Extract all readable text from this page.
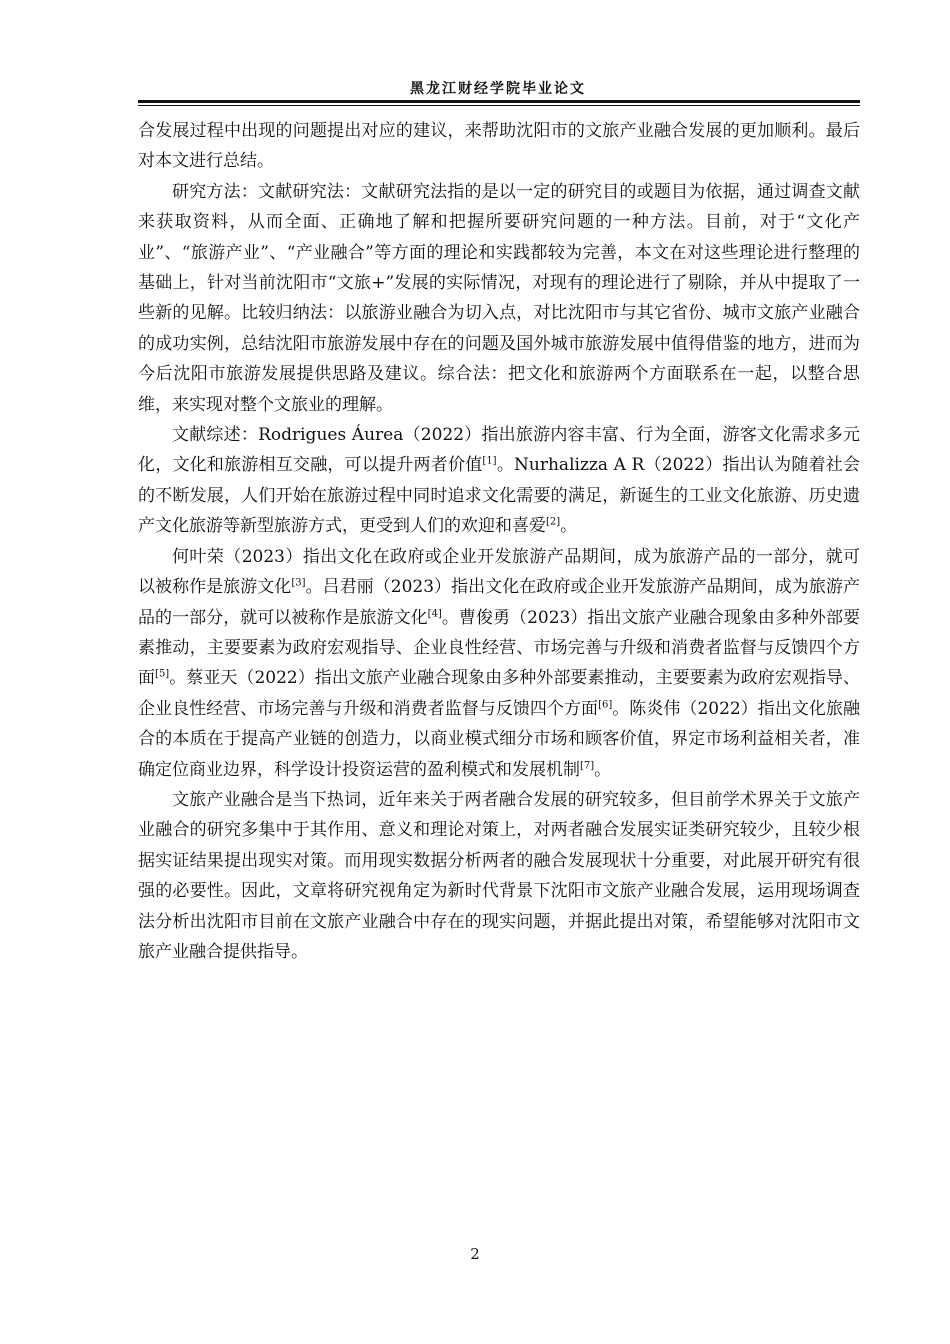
黑龙江财经学院毕业论文

合发展过程中出现的问题提出对应的建议，来帮助沈阳市的文旅产业融合发展的更加顺利。最后对本文进行总结。

研究方法：文献研究法：文献研究法指的是以一定的研究目的或题目为依据，通过调查文献来获取资料，从而全面、正确地了解和把握所要研究问题的一种方法。目前，对于“文化产业”、“旅游产业”、“产业融合”等方面的理论和实践都较为完善，本文在对这些理论进行整理的基础上，针对当前沈阳市“文旅+”发展的实际情况，对现有的理论进行了剔除，并从中提取了一些新的见解。比较归纳法：以旅游业融合为切入点，对比沈阳市与其它省份、城市文旅产业融合的成功实例，总结沈阳市旅游发展中存在的问题及国外城市旅游发展中值得借鉴的地方，进而为今后沈阳市旅游发展提供思路及建议。综合法：把文化和旅游两个方面联系在一起，以整合思维，来实现对整个文旅业的理解。

文献综述：Rodrigues Áurea（2022）指出旅游内容丰富、行为全面，游客文化需求多元化，文化和旅游相互交融，可以提升两者价值[1]。Nurhalizza A R（2022）指出认为随着社会的不断发展，人们开始在旅游过程中同时追求文化需要的满足，新诞生的工业文化旅游、历史遗产文化旅游等新型旅游方式，更受到人们的欢迎和喜爱[2]。

何叶荣（2023）指出文化在政府或企业开发旅游产品期间，成为旅游产品的一部分，就可以被称作是旅游文化[3]。吕君丽（2023）指出文化在政府或企业开发旅游产品期间，成为旅游产品的一部分，就可以被称作是旅游文化[4]。曹俊勇（2023）指出文旅产业融合现象由多种外部要素推动，主要要素为政府宏观指导、企业良性经营、市场完善与升级和消费者监督与反馈四个方面[5]。蔡亚天（2022）指出文旅产业融合现象由多种外部要素推动，主要要素为政府宏观指导、企业良性经营、市场完善与升级和消费者监督与反馈四个方面[6]。陈炎伟（2022）指出文化旅融合的本质在于提高产业链的创造力，以商业模式细分市场和顾客价值，界定市场利益相关者，准确定位商业边界，科学设计投资运营的盈利模式和发展机制[7]。

文旅产业融合是当下热词，近年来关于两者融合发展的研究较多，但目前学术界关于文旅产业融合的研究多集中于其作用、意义和理论对策上，对两者融合发展实证类研究较少，且较少根据实证结果提出现实对策。而用现实数据分析两者的融合发展现状十分重要，对此展开研究有很强的必要性。因此，文章将研究视角定为新时代背景下沈阳市文旅产业融合发展，运用现场调查法分析出沈阳市目前在文旅产业融合中存在的现实问题，并据此提出对策，希望能够对沈阳市文旅产业融合提供指导。

2
